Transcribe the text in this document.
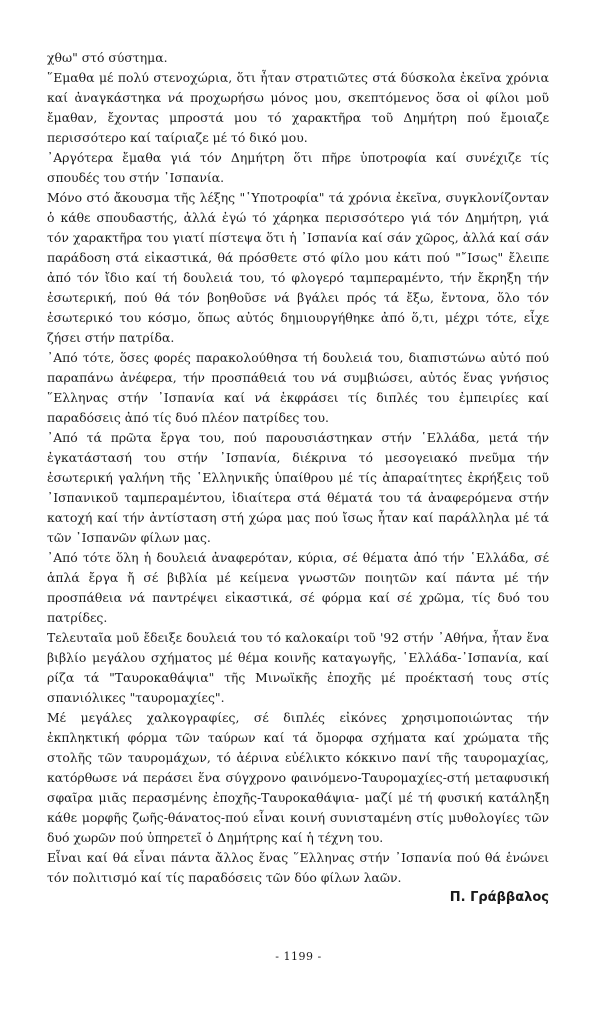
χθω" στό σύστημα.

῞Εμαθα μέ πολύ στενοχώρια, ὅτι ἦταν στρατιῶτες στά δύσκολα ἐκεῖνα χρόνια καί ἀναγκάστηκα νά προχωρήσω μόνος μου, σκεπτόμενος ὅσα οἱ φίλοι μοῦ ἔμαθαν, ἔχοντας μπροστά μου τό χαρακτῆρα τοῦ Δημήτρη πού ἔμοιαζε περισσότερο καί ταίριαζε μέ τό δικό μου.

᾿Αργότερα ἔμαθα γιά τόν Δημήτρη ὅτι πῆρε ὑποτροφία καί συνέχιζε τίς σπουδές του στήν ᾿Ισπανία.

Μόνο στό ἄκουσμα τῆς λέξης "῾Υποτροφία" τά χρόνια ἐκεῖνα, συγκλονίζονταν ὁ κάθε σπουδαστής, ἀλλά ἐγώ τό χάρηκα περισσότερο γιά τόν Δημήτρη, γιά τόν χαρακτῆρα του γιατί πίστεψα ὅτι ἡ ᾿Ισπανία καί σάν χῶρος, ἀλλά καί σάν παράδοση στά εἰκαστικά, θά πρόσθετε στό φίλο μου κάτι πού "῎Ισως" ἔλειπε ἀπό τόν ἴδιο καί τή δουλειά του, τό φλογερό ταμπεραμέντο, τήν ἔκρηξη τήν ἐσωτερική, πού θά τόν βοηθοῦσε νά βγάλει πρός τά ἔξω, ἔντονα, ὅλο τόν ἐσωτερικό του κόσμο, ὅπως αὐτός δημιουργήθηκε ἀπό ὅ,τι, μέχρι τότε, εἶχε ζήσει στήν πατρίδα.

᾿Από τότε, ὅσες φορές παρακολούθησα τή δουλειά του, διαπιστώνω αὐτό πού παραπάνω ἀνέφερα, τήν προσπάθειά του νά συμβιώσει, αὐτός ἕνας γνήσιος ῞Ελληνας στήν ᾿Ισπανία καί νά ἐκφράσει τίς διπλές του ἐμπειρίες καί παραδόσεις ἀπό τίς δυό πλέον πατρίδες του.

᾿Από τά πρῶτα ἔργα του, πού παρουσιάστηκαν στήν ῾Ελλάδα, μετά τήν ἐγκατάστασή του στήν ᾿Ισπανία, διέκρινα τό μεσογειακό πνεῦμα τήν ἐσωτερική γαλήνη τῆς ῾Ελληνικῆς ὑπαίθρου μέ τίς ἀπαραίτητες ἐκρήξεις τοῦ ᾿Ισπανικοῦ ταμπεραμέντου, ἰδιαίτερα στά θέματά του τά ἀναφερόμενα στήν κατοχή καί τήν ἀντίσταση στή χώρα μας πού ἴσως ἦταν καί παράλληλα μέ τά τῶν ᾿Ισπανῶν φίλων μας.

᾿Από τότε ὅλη ἡ δουλειά ἀναφερόταν, κύρια, σέ θέματα ἀπό τήν ῾Ελλάδα, σέ ἁπλά ἔργα ἤ σέ βιβλία μέ κείμενα γνωστῶν ποιητῶν καί πάντα μέ τήν προσπάθεια νά παντρέψει εἰκαστικά, σέ φόρμα καί σέ χρῶμα, τίς δυό του πατρίδες.

Τελευταῖα μοῦ ἔδειξε δουλειά του τό καλοκαίρι τοῦ '92 στήν ᾿Αθήνα, ἦταν ἕνα βιβλίο μεγάλου σχήματος μέ θέμα κοινῆς καταγωγῆς, ῾Ελλάδα-᾿Ισπανία, καί ρίζα τά "Ταυροκαθάψια" τῆς Μινωϊκῆς ἐποχῆς μέ προέκτασή τους στίς σπανιόλικες "ταυρομαχίες".

Μέ μεγάλες χαλκογραφίες, σέ διπλές εἰκόνες χρησιμοποιώντας τήν ἐκπληκτική φόρμα τῶν ταύρων καί τά ὄμορφα σχήματα καί χρώματα τῆς στολῆς τῶν ταυρομάχων, τό ἀέρινα εὐέλικτο κόκκινο πανί τῆς ταυρομαχίας, κατόρθωσε νά περάσει ἕνα σύγχρονο φαινόμενο-Ταυρομαχίες-στή μεταφυσική σφαῖρα μιᾶς περασμένης ἐποχῆς-Ταυροκαθάψια- μαζί μέ τή φυσική κατάληξη κάθε μορφῆς ζωῆς-θάνατος-πού εἶναι κοινή συνισταμένη στίς μυθολογίες τῶν δυό χωρῶν πού ὑπηρετεῖ ὁ Δημήτρης καί ἡ τέχνη του.

Εἶναι καί θά εἶναι πάντα ἄλλος ἕνας ῞Ελληνας στήν ᾿Ισπανία πού θά ἑνώνει τόν πολιτισμό καί τίς παραδόσεις τῶν δύο φίλων λαῶν.

Π. Γράββαλος
- 1199 -
